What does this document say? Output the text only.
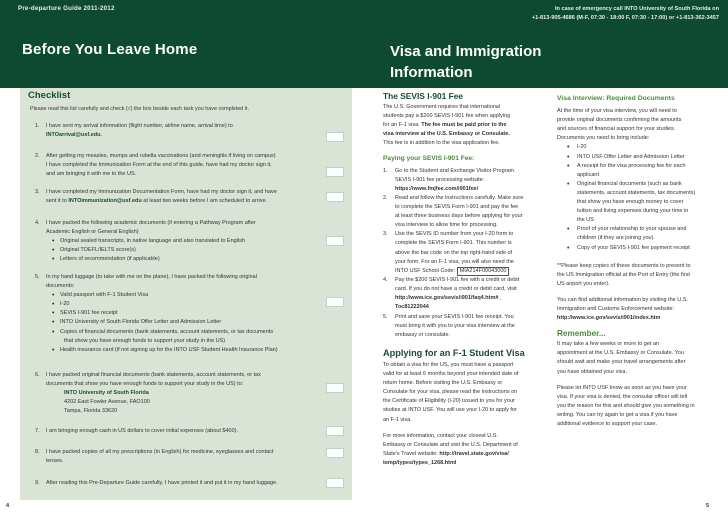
Pre-departure Guide 2011-2012	In case of emergency call INTO University of South Florida on
+1-813-905-4686 (M-F, 07:30 - 18:00 F, 07:30 - 17:00) or +1-813-362-3457
Before You Leave Home	Visa and Immigration Information
Checklist
Please read this list carefully and check (√) the box beside each task you have completed it.
1. I have sent my arrival information (flight number, airline name, arrival time) to
INTOarrival@usf.edu.
2. After getting my measles, mumps and rubella vaccinations (and meningitis if living on campus)
I have completed the Immunization Form at the end of this guide, have had my doctor sign it,
and am bringing it with me to the US.
3. I have completed my Immunization Documentation Form, have had my doctor sign it, and have
sent it to INTOimmunization@usf.edu at least two weeks before I am scheduled to arrive.
4. I have packed the following academic documents (if entering a Pathway Program after
Academic English or General English)
• Original sealed transcripts, in native language and also translated to English
• Original TOEFL/IELTS score(s)
• Letters of recommendation (if applicable)
5. In my hand luggage (to take with me on the plane), I have packed the following original
documents:
• Valid passport with F-1 Student Visa
• I-20
• SEVIS I-901 fee receipt
• INTO University of South Florida Offer Letter and Admission Letter
• Copies of financial documents (bank statements, account statements, or tax documents
that show you have enough funds to support your study in the US)
• Health insurance card (if not signing up for the INTO USF Student Health Insurance Plan)
6. I have packed original financial documents (bank statements, account statements, or tax
documents that show you have enough funds to support your study in the US) to:
INTO University of South Florida
4202 East Fowler Avenue, FAO100
Tampa, Florida 33620
7. I am bringing enough cash in US dollars to cover initial expenses (about $400).
8. I have packed copies of all my prescriptions (in English) for medicine, eyeglasses and contact
lenses.
9. After reading this Pre-Departure Guide carefully, I have printed it and put it in my hand luggage.
4	5
The SEVIS I-901 Fee

The U.S. Government requires that international

students pay a $200 SEVIS I-901 fee when applying

for an F-1 visa. The fee must be paid prior to the

visa interview at the U.S. Embassy or Consulate.

This fee is in addition to the visa application fee.

Paying your SEVIS I-901 Fee:
1. Go to the Student and Exchange Visitor Program

SEVIS I-901 fee processing website:

https://www.fmjfee.com/i901fee/

2. Read and follow the instructions carefully. Make sure

to complete the SEVIS Form I-901 and pay the fee

at least three business days before applying for your

visa interview to allow time for processing.

3. Use the SEVIS ID number from your I-20 form to

complete the SEVIS Form I-901. This number is

above the bar code on the top right-hand side of

your form. For an F-1 visa, you will also need the

INTO USF School Code: MIA214F00043000

4. Pay the $200 SEVIS I-901 fee with a credit or debit

card. If you do not have a credit or debit card, visit

http://www.ice.gov/sevis/i901/faq4.htm#_

Toc81222044

5. Print and save your SEVIS I-901 fee receipt. You

must bring it with you to your visa interview at the

embassy or consulate.

Applying for an F-1 Student Visa

To obtain a visa for the US, you must have a passport

valid for at least 6 months beyond your intended date of

return home. Before visiting the U.S. Embassy or

Consulate for your visa, please read the instructions on

the Certificate of Eligibility (I-20) issued to you for your

studies at INTO USF. You will use your I-20 to apply for

an F-1 visa.

For more information, contact your closest U.S.

Embassy or Consulate and visit the U.S. Department of

State's Travel website: http://travel.state.gov/visa/

temp/types/types_1268.html

Visa Interview: Required Documents

At the time of your visa interview, you will need to

provide original documents confirming the amounts

and sources of financial support for your studies.

Documents you need to bring include:

• I-20

• INTO USF Offer Letter and Admission Letter

• A receipt for the visa processing fee for each

applicant

• Original financial documents (such as bank

statements, account statements, tax documents)

that show you have enough money to cover

tuition and living expenses during your time in

the US

• Proof of your relationship to your spouse and

children (if they are joining you).

• Copy of your SEVIS I-901 fee payment receipt

**Please keep copies of these documents to present to

the US Immigration official at the Port of Entry (the first

US airport you enter).

You can find additional information by visiting the U.S.

Immigration and Customs Enforcement website:

http://www.ice.gov/sevis/i901/index.htm

Remember...

It may take a few weeks or more to get an

appointment at the U.S. Embassy or Consulate. You

should wait and make your travel arrangements after

you have obtained your visa.

Please let INTO USF know as soon as you have your

visa. If your visa is denied, the consular officer will tell

you the reason for this and should give you something in

writing. You can try again to get a visa if you have

additional evidence to support your case.
